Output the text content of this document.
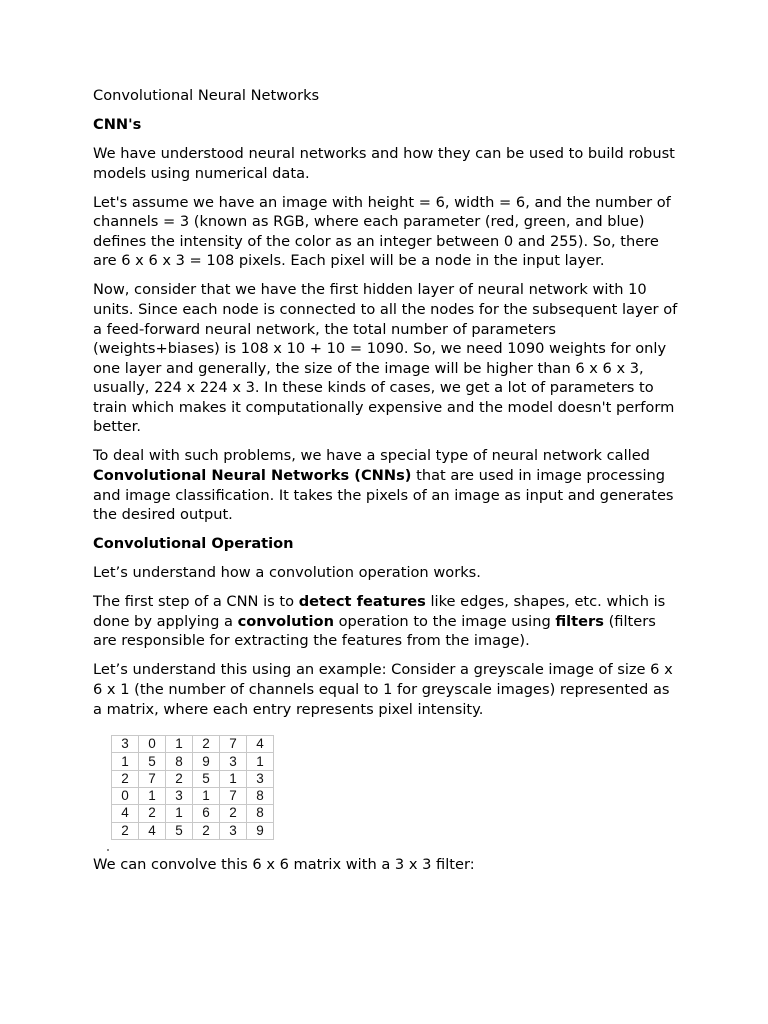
Convolutional Neural Networks
CNN's
We have understood neural networks and how they can be used to build robust models using numerical data.
Let's assume we have an image with height = 6, width = 6, and the number of channels = 3 (known as RGB, where each parameter (red, green, and blue) defines the intensity of the color as an integer between 0 and 255). So, there are 6 x 6 x 3 = 108 pixels. Each pixel will be a node in the input layer.
Now, consider that we have the first hidden layer of neural network with 10 units. Since each node is connected to all the nodes for the subsequent layer of a feed-forward neural network, the total number of parameters (weights+biases) is 108 x 10 + 10 = 1090. So, we need 1090 weights for only one layer and generally, the size of the image will be higher than 6 x 6 x 3, usually, 224 x 224 x 3. In these kinds of cases, we get a lot of parameters to train which makes it computationally expensive and the model doesn't perform better.
To deal with such problems, we have a special type of neural network called Convolutional Neural Networks (CNNs) that are used in image processing and image classification. It takes the pixels of an image as input and generates the desired output.
Convolutional Operation
Let’s understand how a convolution operation works.
The first step of a CNN is to detect features like edges, shapes, etc. which is done by applying a convolution operation to the image using filters (filters are responsible for extracting the features from the image).
Let’s understand this using an example: Consider a greyscale image of size 6 x 6 x 1 (the number of channels equal to 1 for greyscale images) represented as a matrix, where each entry represents pixel intensity.
3	0	1	2	7	4
1	5	8	9	3	1
2	7	2	5	1	3
0	1	3	1	7	8
4	2	1	6	2	8
2	4	5	2	3	9
We can convolve this 6 x 6 matrix with a 3 x 3 filter:
